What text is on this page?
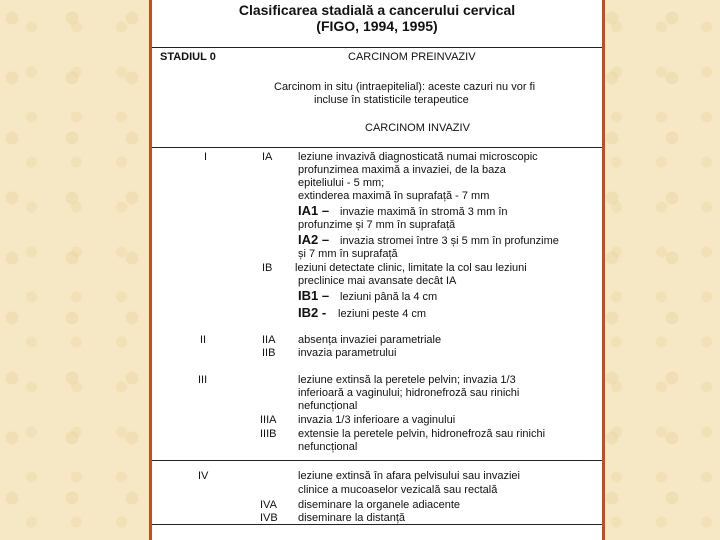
Clasificarea stadială a cancerului cervical
(FIGO, 1994, 1995)
STADIUL 0	CARCINOM PREINVAZIV
Carcinom in situ (intraepitelial): aceste cazuri nu vor fi
incluse în statisticile terapeutice
CARCINOM INVAZIV
I	IA leziune invazivă diagnosticată numai microscopic
profunzimea maximă a invaziei, de la baza
epiteliului - 5 mm;
extinderea maximă în suprafață - 7 mm
IA1 – invazie maximă în stromă 3 mm în
profunzime și 7 mm în suprafață
IA2 – invazia stromei între 3 și 5 mm în profunzime
și 7 mm în suprafață
IB leziuni detectate clinic, limitate la col sau leziuni
preclinice mai avansate decât IA
IB1 – leziuni până la 4 cm
IB2 - leziuni peste 4 cm
II	IIA absența invaziei parametriale
IIB invazia parametrului
III	leziune extinsă la peretele pelvin; invazia 1/3
inferioară a vaginului; hidronefroză sau rinichi
nefuncțional
IIIA invazia 1/3 inferioare a vaginului
IIIB extensie la peretele pelvin, hidronefroză sau rinichi
nefuncțional
IV	leziune extinsă în afara pelvisului sau invaziei
clinice a mucoaselor vezicală sau rectală
IVA diseminare la organele adiacente
IVB diseminare la distanță
